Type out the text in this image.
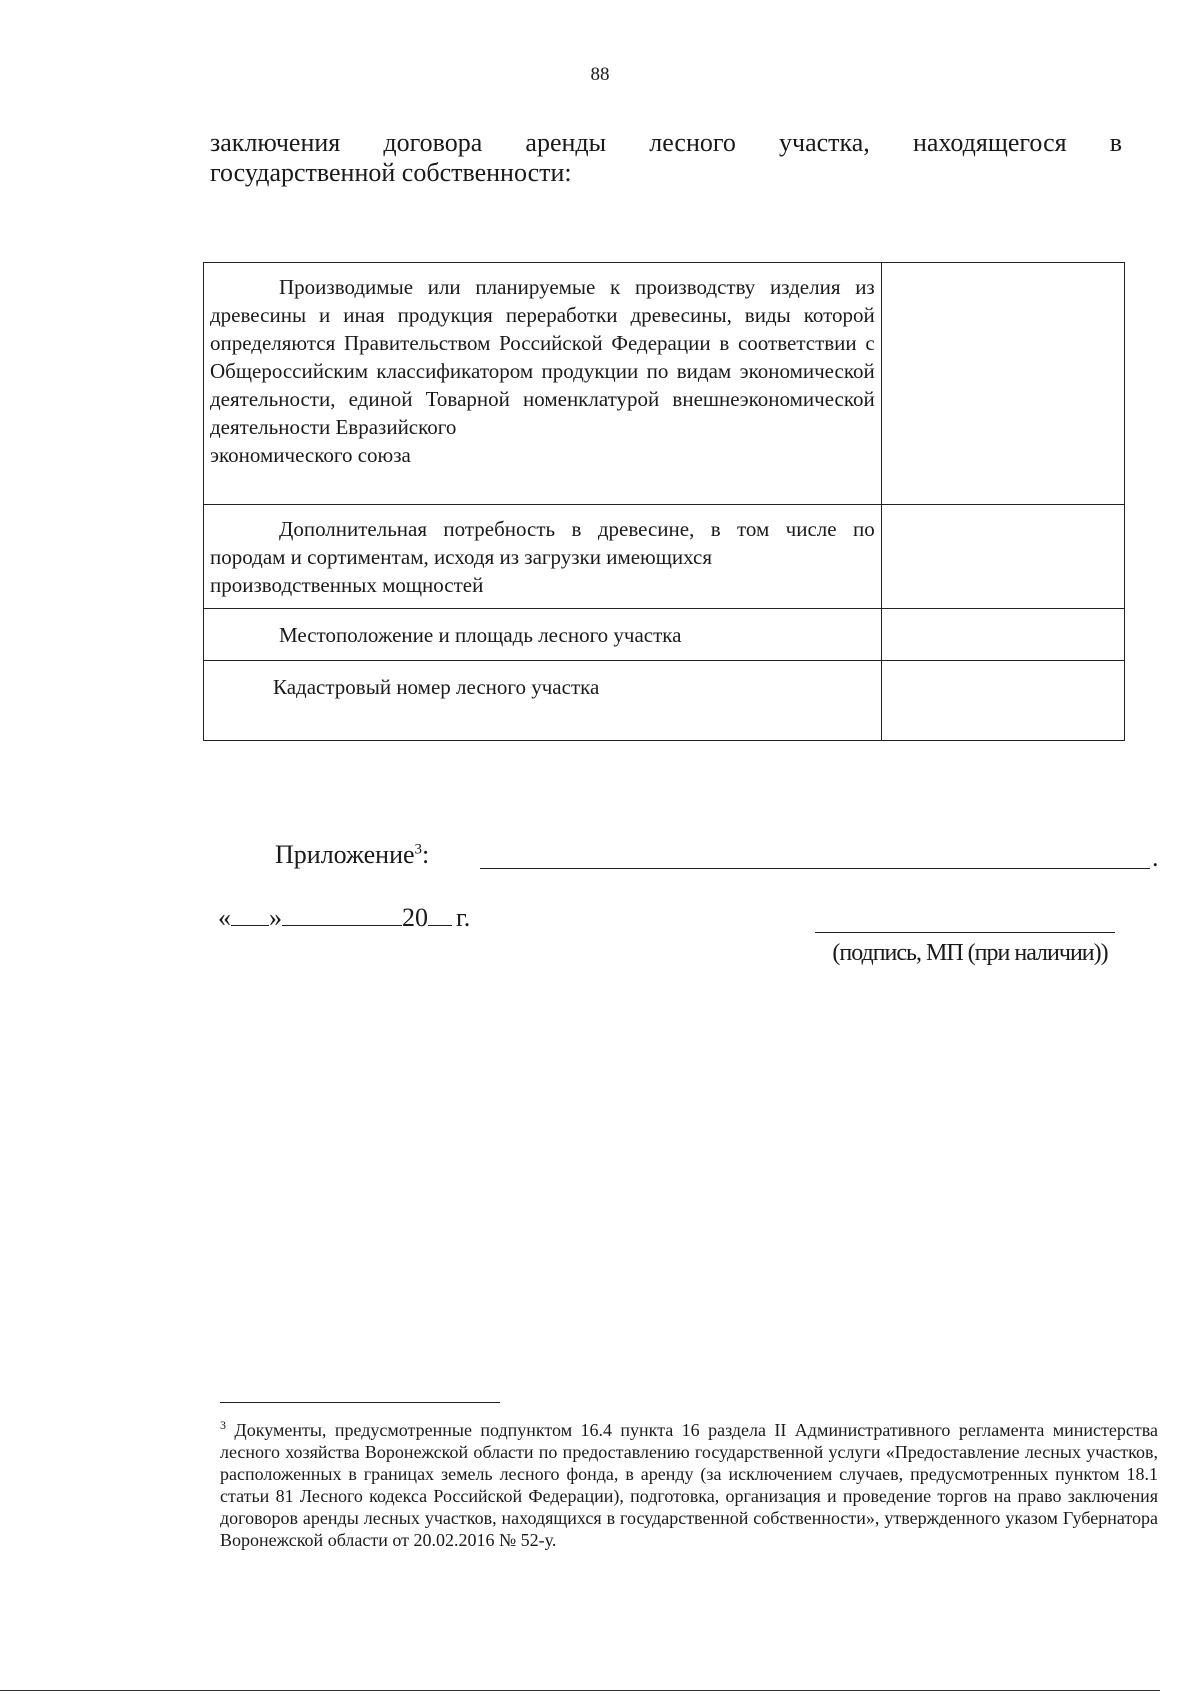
88
заключения договора аренды лесного участка, находящегося в
государственной собственности:
Производимые или планируемые к производству изделия из древесины и иная продукция переработки древесины, виды которой определяются Правительством Российской Федерации в соответствии с Общероссийским классификатором продукции по видам экономической деятельности, единой Товарной номенклатурой внешнеэкономической деятельности Евразийского
экономического союза	

Дополнительная потребность в древесине, в том числе по породам и сортиментам, исходя из загрузки имеющихся
производственных мощностей	

Местоположение и площадь лесного участка	

Кадастровый номер лесного участка	

Приложение$^3$:	.
« »	20 г.
(подпись, МП (при наличии))
$^3$ Документы, предусмотренные подпунктом 16.4 пункта 16 раздела II Административного регламента министерства лесного хозяйства Воронежской области по предоставлению государственной услуги «Предоставление лесных участков, расположенных в границах земель лесного фонда, в аренду (за исключением случаев, предусмотренных пунктом 18.1 статьи 81 Лесного кодекса Российской Федерации), подготовка, организация и проведение торгов на право заключения договоров аренды лесных участков, находящихся в государственной собственности», утвержденного указом Губернатора Воронежской области от 20.02.2016 № 52-у.
